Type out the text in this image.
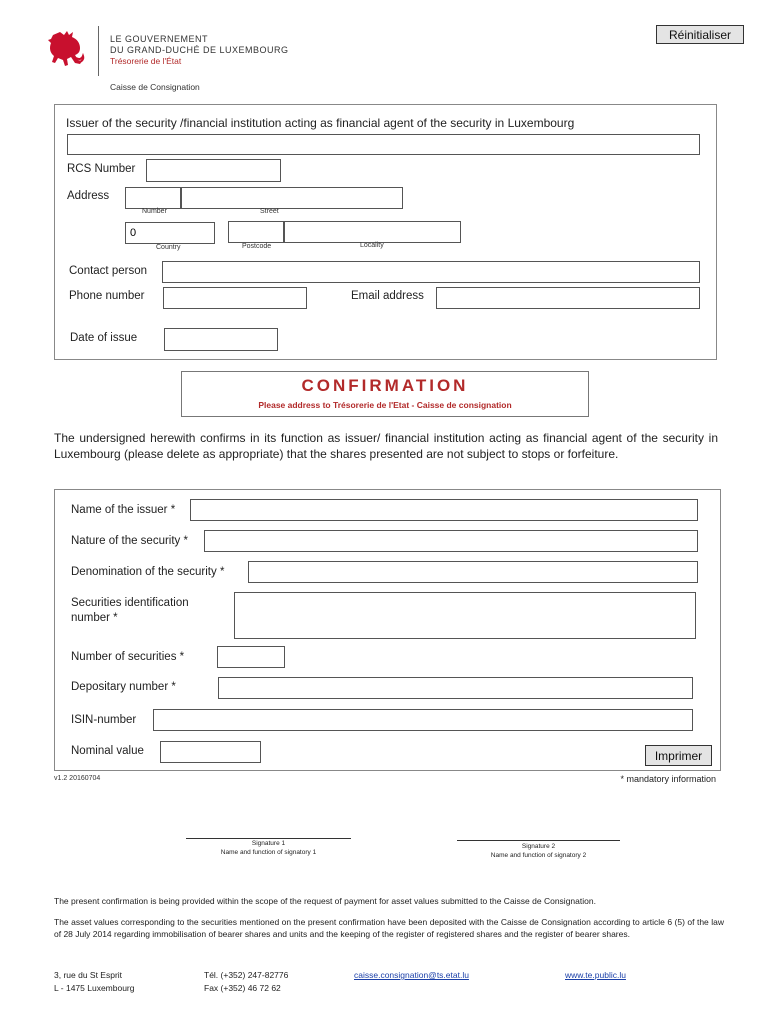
LE GOUVERNEMENT
DU GRAND-DUCHÉ DE LUXEMBOURG
Trésorerie de l'État
Caisse de Consignation
Réinitialiser
Issuer of the security /financial institution acting as financial agent of the security in Luxembourg
RCS Number
Address
Number	Street
0
Country	Postcode	Locality
Contact person
Phone number	Email address
Date of issue
CONFIRMATION
Please address to Trésorerie de l'Etat - Caisse de consignation
The undersigned herewith confirms in its function as issuer/ financial institution acting as financial agent of the security in Luxembourg (please delete as appropriate) that the shares presented are not subject to stops or forfeiture.
Name of the issuer *
Nature of the security *
Denomination of the security *
Securities identification
number *
Number of securities *
Depositary number *
ISIN-number
Nominal value	Imprimer
v1.2 20160704	* mandatory information
Signature 1
Name and function of signatory 1
Signature 2
Name and function of signatory 2
The present confirmation is being provided within the scope of the request of payment for asset values submitted to the Caisse de Consignation.
The asset values corresponding to the securities mentioned on the present confirmation have been deposited with the Caisse de Consignation according to article 6 (5) of the law of 28 July 2014 regarding immobilisation of bearer shares and units and the keeping of the register of registered shares and the register of bearer shares.
3, rue du St Esprit
L - 1475 Luxembourg
Tél. (+352) 247-82776
Fax (+352) 46 72 62
caisse.consignation@ts.etat.lu	www.te.public.lu
